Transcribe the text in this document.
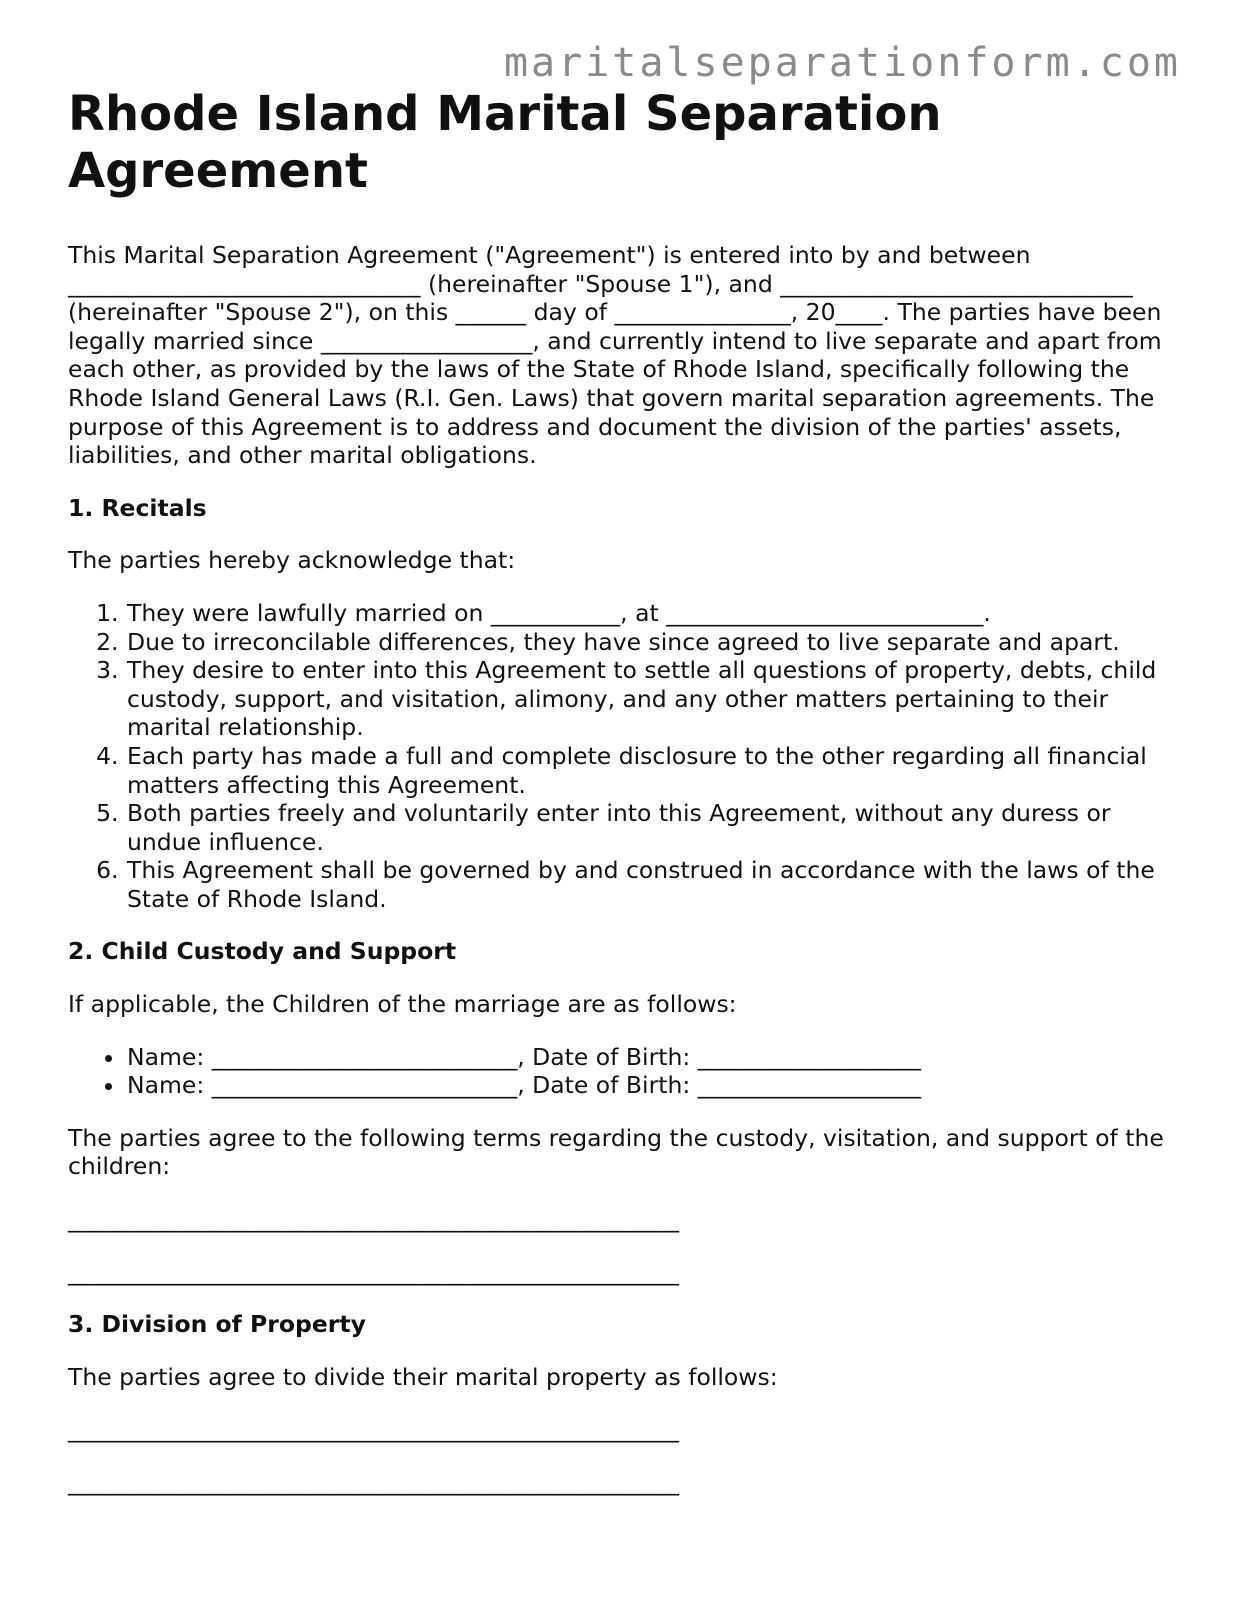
maritalseparationform.com
Rhode Island Marital Separation Agreement

This Marital Separation Agreement ("Agreement") is entered into by and between ______________________________ (hereinafter "Spouse 1"), and ______________________________ (hereinafter "Spouse 2"), on this ______ day of _______________, 20____. The parties have been legally married since __________________, and currently intend to live separate and apart from each other, as provided by the laws of the State of Rhode Island, specifically following the Rhode Island General Laws (R.I. Gen. Laws) that govern marital separation agreements. The purpose of this Agreement is to address and document the division of the parties' assets, liabilities, and other marital obligations.

1. Recitals

The parties hereby acknowledge that:

1. They were lawfully married on ___________, at ___________________________.
2. Due to irreconcilable differences, they have since agreed to live separate and apart.
3. They desire to enter into this Agreement to settle all questions of property, debts, child custody, support, and visitation, alimony, and any other matters pertaining to their marital relationship.
4. Each party has made a full and complete disclosure to the other regarding all financial matters affecting this Agreement.
5. Both parties freely and voluntarily enter into this Agreement, without any duress or undue influence.
6. This Agreement shall be governed by and construed in accordance with the laws of the State of Rhode Island.
2. Child Custody and Support

If applicable, the Children of the marriage are as follows:

• Name: __________________________, Date of Birth: ___________________
• Name: __________________________, Date of Birth: ___________________

The parties agree to the following terms regarding the custody, visitation, and support of the children:

____________________________________________________

____________________________________________________

3. Division of Property

The parties agree to divide their marital property as follows:

____________________________________________________

____________________________________________________
